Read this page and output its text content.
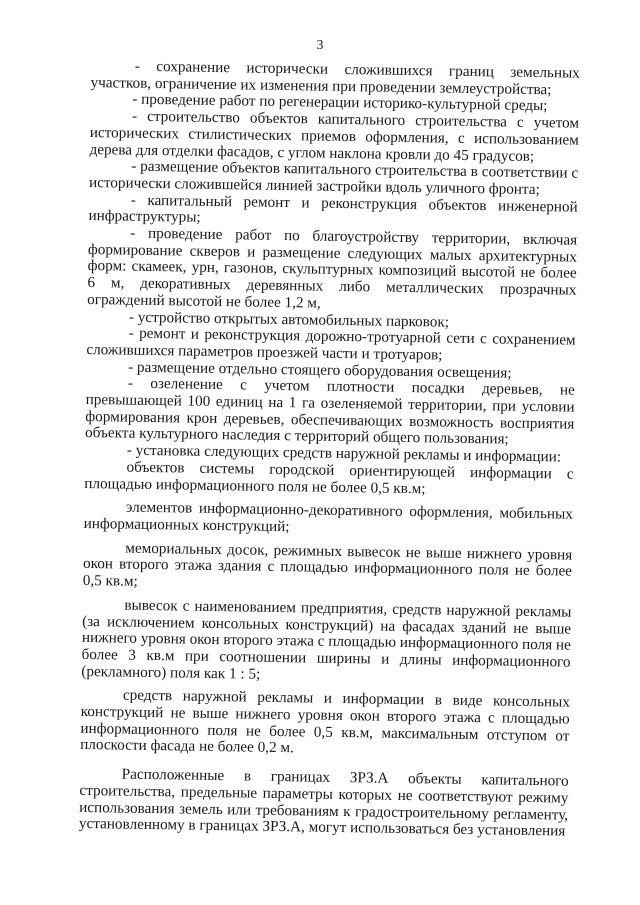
3

- сохранение исторически сложившихся границ земельных участков, ограничение их изменения при проведении землеустройства;

- проведение работ по регенерации историко-культурной среды;

- строительство объектов капитального строительства с учетом исторических стилистических приемов оформления, с использованием дерева для отделки фасадов, с углом наклона кровли до 45 градусов;

- размещение объектов капитального строительства в соответствии с исторически сложившейся линией застройки вдоль уличного фронта;

- капитальный ремонт и реконструкция объектов инженерной инфраструктуры;

- проведение работ по благоустройству территории, включая формирование скверов и размещение следующих малых архитектурных форм: скамеек, урн, газонов, скульптурных композиций высотой не более 6 м, декоративных деревянных либо металлических прозрачных ограждений высотой не более 1,2 м,

- устройство открытых автомобильных парковок;

- ремонт и реконструкция дорожно-тротуарной сети с сохранением сложившихся параметров проезжей части и тротуаров;

- размещение отдельно стоящего оборудования освещения;

- озеленение с учетом плотности посадки деревьев, не превышающей 100 единиц на 1 га озеленяемой территории, при условии формирования крон деревьев, обеспечивающих возможность восприятия объекта культурного наследия с территорий общего пользования;

- установка следующих средств наружной рекламы и информации:

объектов системы городской ориентирующей информации с площадью информационного поля не более 0,5 кв.м;

элементов информационно-декоративного оформления, мобильных информационных конструкций;

мемориальных досок, режимных вывесок не выше нижнего уровня окон второго этажа здания с площадью информационного поля не более 0,5 кв.м;

вывесок с наименованием предприятия, средств наружной рекламы (за исключением консольных конструкций) на фасадах зданий не выше нижнего уровня окон второго этажа с площадью информационного поля не более 3 кв.м при соотношении ширины и длины информационного (рекламного) поля как 1 : 5;

средств наружной рекламы и информации в виде консольных конструкций не выше нижнего уровня окон второго этажа с площадью информационного поля не более 0,5 кв.м, максимальным отступом от плоскости фасада не более 0,2 м.

Расположенные в границах ЗРЗ.А объекты капитального строительства, предельные параметры которых не соответствуют режиму использования земель или требованиям к градостроительному регламенту, установленному в границах ЗРЗ.А, могут использоваться без установления
